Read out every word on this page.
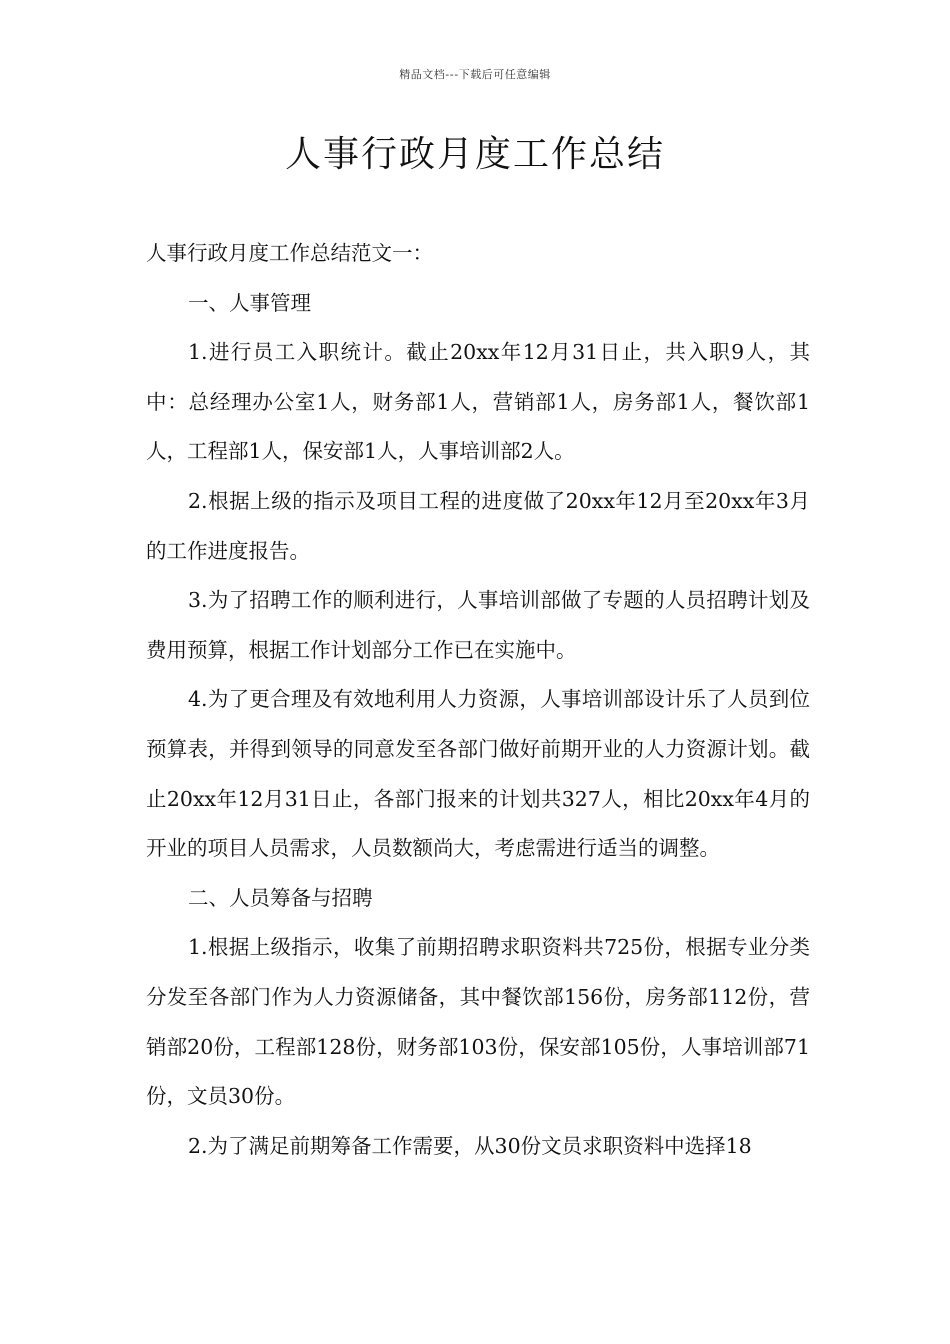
精品文档---下载后可任意编辑
人事行政月度工作总结

人事行政月度工作总结范文一：

一、人事管理

1.进行员工入职统计。截止20xx年12月31日止，共入职9人，其中：总经理办公室1人，财务部1人，营销部1人，房务部1人，餐饮部1人，工程部1人，保安部1人，人事培训部2人。

2.根据上级的指示及项目工程的进度做了20xx年12月至20xx年3月的工作进度报告。

3.为了招聘工作的顺利进行，人事培训部做了专题的人员招聘计划及费用预算，根据工作计划部分工作已在实施中。

4.为了更合理及有效地利用人力资源，人事培训部设计乐了人员到位预算表，并得到领导的同意发至各部门做好前期开业的人力资源计划。截止20xx年12月31日止，各部门报来的计划共327人，相比20xx年4月的开业的项目人员需求，人员数额尚大，考虑需进行适当的调整。

二、人员筹备与招聘

1.根据上级指示，收集了前期招聘求职资料共725份，根据专业分类分发至各部门作为人力资源储备，其中餐饮部156份，房务部112份，营销部20份，工程部128份，财务部103份，保安部105份，人事培训部71份，文员30份。

2.为了满足前期筹备工作需要，从30份文员求职资料中选择18
